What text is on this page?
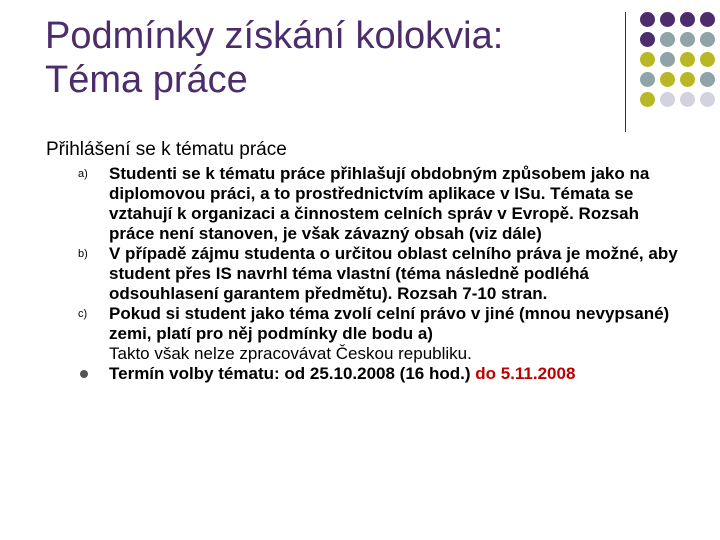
Podmínky získání kolokvia:
Téma práce

Přihlášení se k tématu práce

a) Studenti se k tématu práce přihlašují obdobným způsobem jako na diplomovou práci, a to prostřednictvím aplikace v ISu. Témata se vztahují k organizaci a činnostem celních správ v Evropě. Rozsah práce není stanoven, je však závazný obsah (viz dále)
b) V případě zájmu studenta o určitou oblast celního práva je možné, aby student přes IS navrhl téma vlastní (téma následně podléhá odsouhlasení garantem předmětu). Rozsah 7-10 stran.
c) Pokud si student jako téma zvolí celní právo v jiné (mnou nevypsané) zemi, platí pro něj podmínky dle bodu a)
Takto však nelze zpracovávat Českou republiku.
Termín volby tématu: od 25.10.2008 (16 hod.) do 5.11.2008
